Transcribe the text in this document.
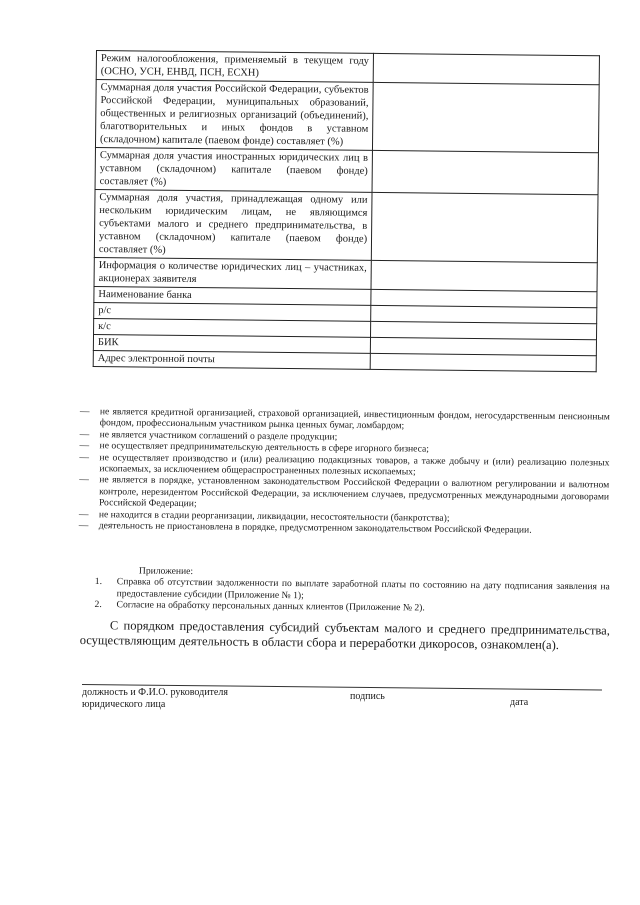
Режим налогообложения, применяемый в текущем году (ОСНО, УСН, ЕНВД, ПСН, ЕСХН)	
Суммарная доля участия Российской Федерации, субъектов Российской Федерации, муниципальных образований, общественных и религиозных организаций (объединений), благотворительных и иных фондов в уставном (складочном) капитале (паевом фонде) составляет (%)	
Суммарная доля участия иностранных юридических лиц в уставном (складочном) капитале (паевом фонде) составляет (%)	
Суммарная доля участия, принадлежащая одному или нескольким юридическим лицам, не являющимся субъектами малого и среднего предпринимательства, в уставном (складочном) капитале (паевом фонде) составляет (%)	
Информация о количестве юридических лиц – участниках, акционерах заявителя	
Наименование банка	
р/с	
к/с	
БИК	
Адрес электронной почты	
— не является кредитной организацией, страховой организацией, инвестиционным фондом, негосударственным пенсионным фондом, профессиональным участником рынка ценных бумаг, ломбардом;
— не является участником соглашений о разделе продукции;
— не осуществляет предпринимательскую деятельность в сфере игорного бизнеса;
— не осуществляет производство и (или) реализацию подакцизных товаров, а также добычу и (или) реализацию полезных ископаемых, за исключением общераспространенных полезных ископаемых;
— не является в порядке, установленном законодательством Российской Федерации о валютном регулировании и валютном контроле, нерезидентом Российской Федерации, за исключением случаев, предусмотренных международными договорами Российской Федерации;
— не находится в стадии реорганизации, ликвидации, несостоятельности (банкротства);
— деятельность не приостановлена в порядке, предусмотренном законодательством Российской Федерации.
Приложение:
1. Справка об отсутствии задолженности по выплате заработной платы по состоянию на дату подписания заявления на предоставление субсидии (Приложение № 1);
2. Согласие на обработку персональных данных клиентов (Приложение № 2).
С порядком предоставления субсидий субъектам малого и среднего предпринимательства, осуществляющим деятельность в области сбора и переработки дикоросов, ознакомлен(а).
должность и Ф.И.О. руководителя юридического лица
подпись
дата
